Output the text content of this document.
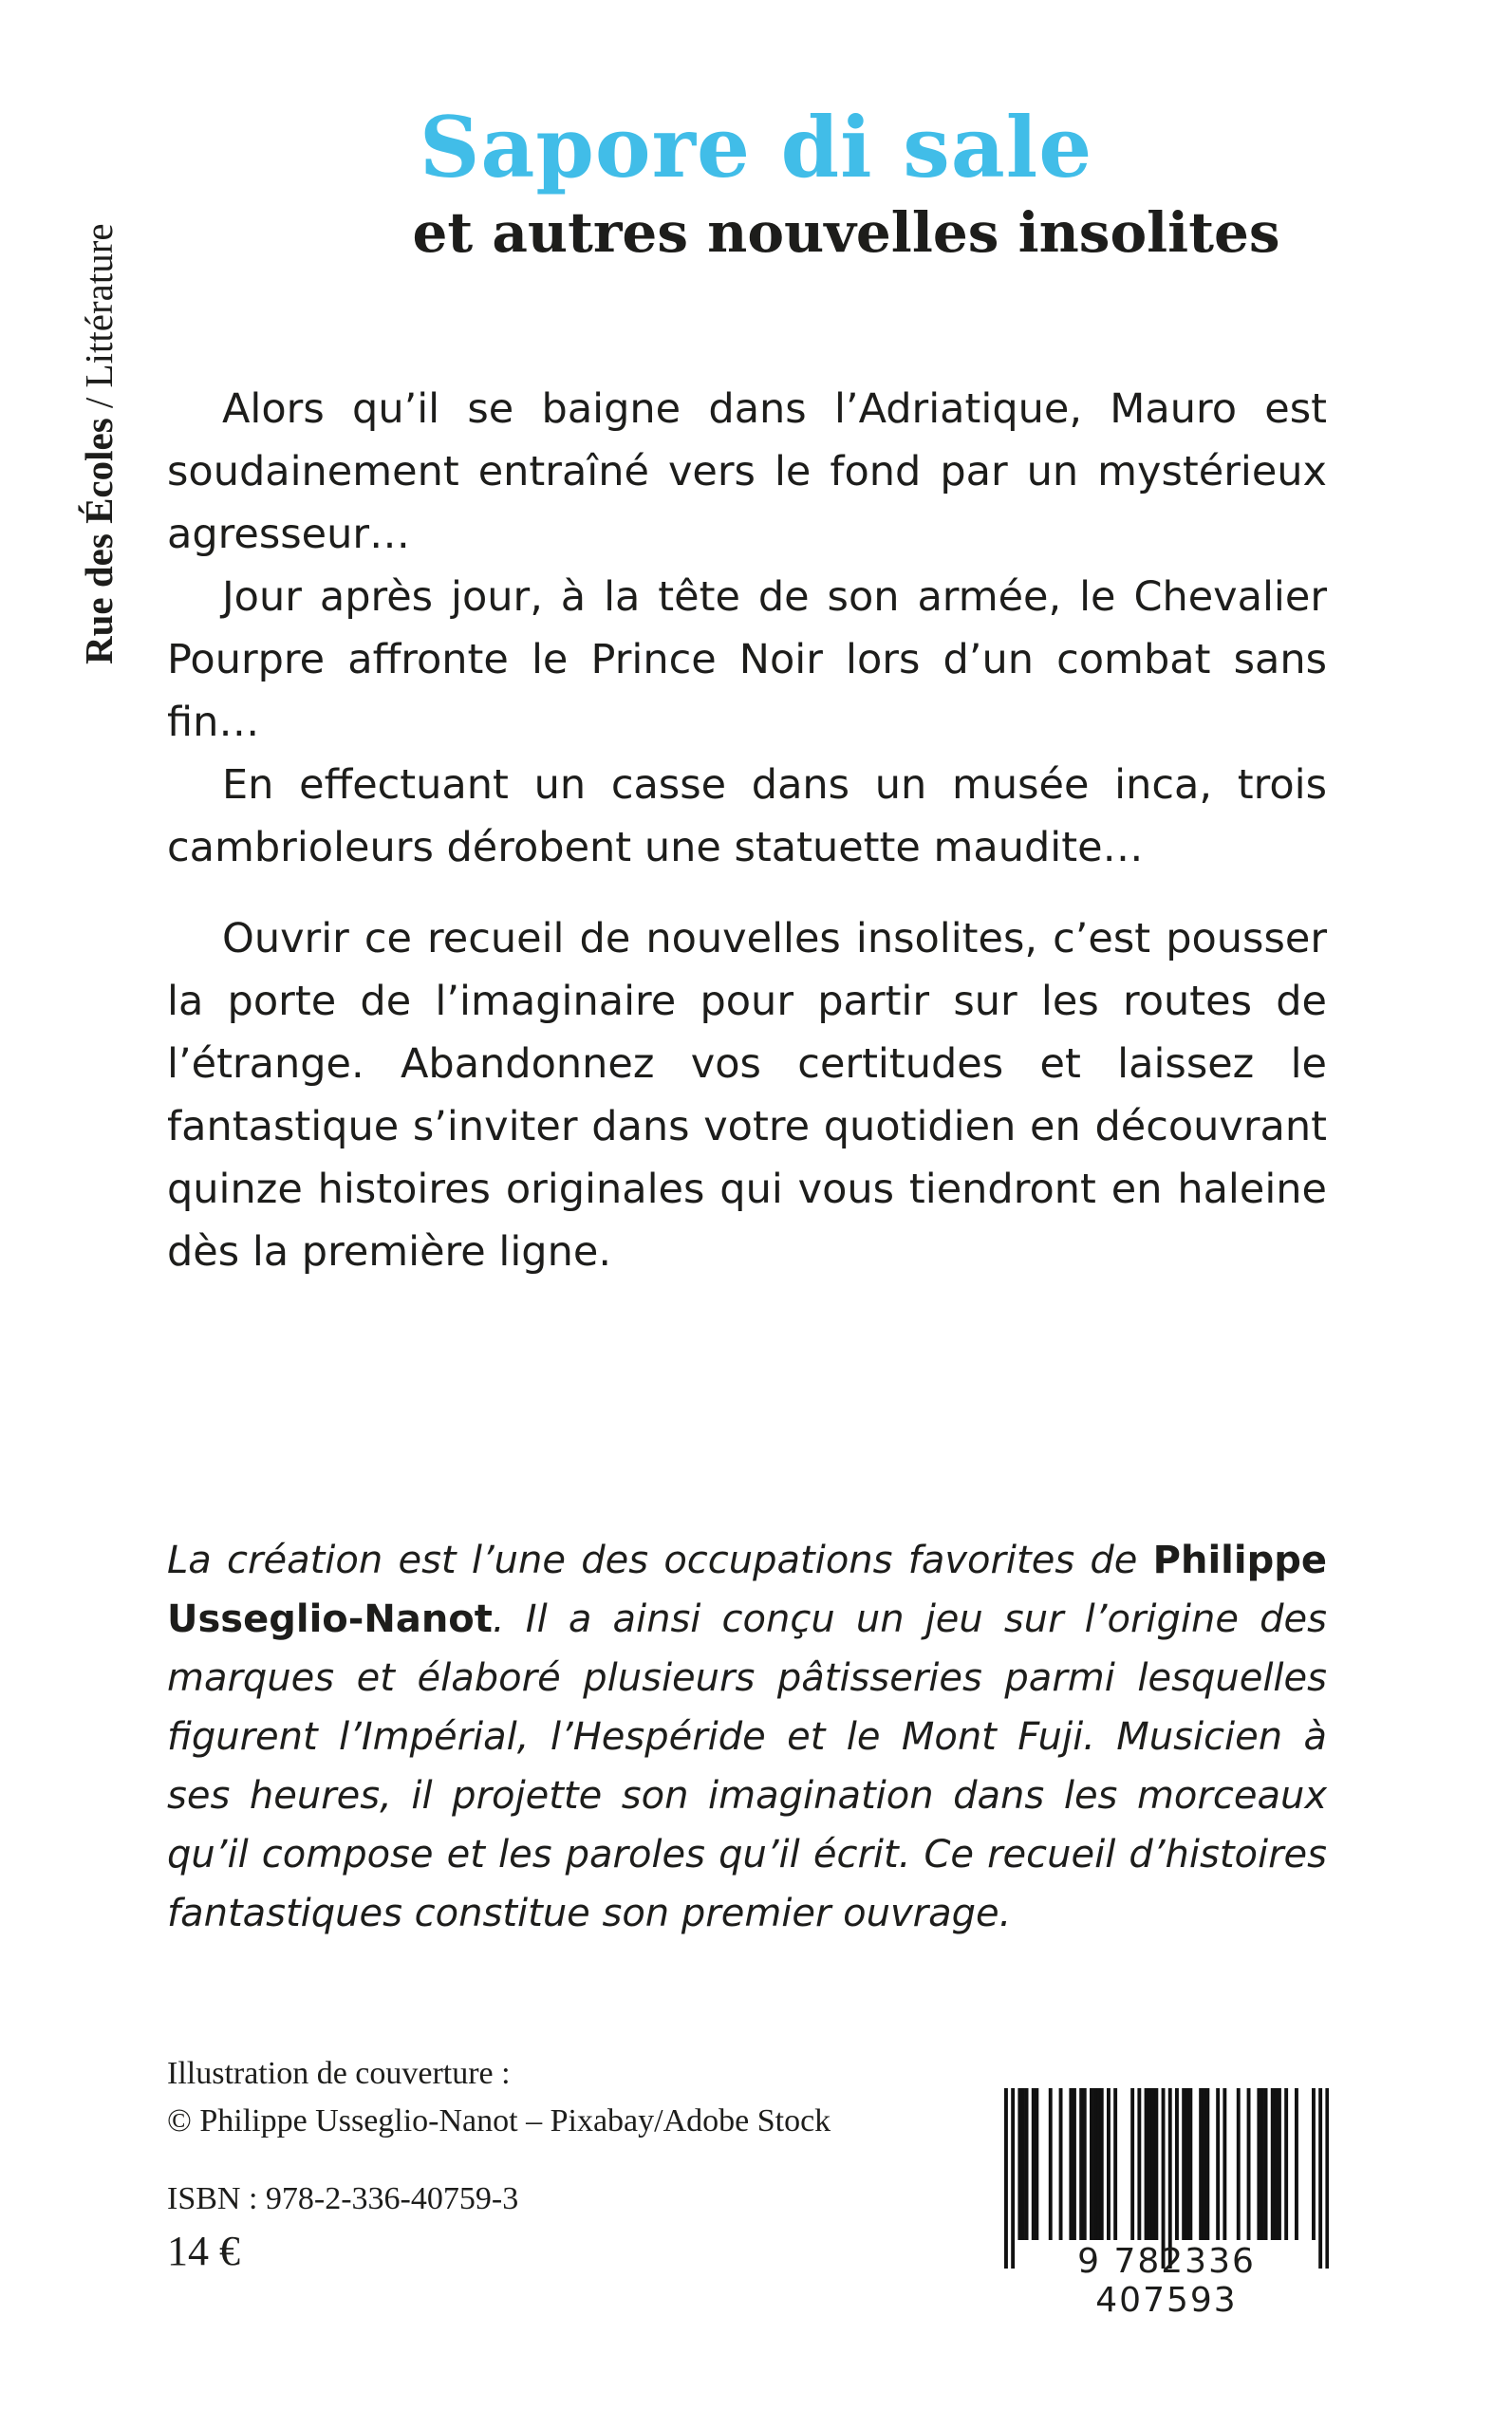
Rue des Écoles / Littérature
Sapore di sale
et autres nouvelles insolites

Alors qu’il se baigne dans l’Adriatique, Mauro est soudainement entraîné vers le fond par un mystérieux agresseur…

Jour après jour, à la tête de son armée, le Chevalier Pourpre affronte le Prince Noir lors d’un combat sans fin…

En effectuant un casse dans un musée inca, trois cambrioleurs dérobent une statuette maudite…

Ouvrir ce recueil de nouvelles insolites, c’est pousser la porte de l’imaginaire pour partir sur les routes de l’étrange. Abandonnez vos certitudes et laissez le fantastique s’inviter dans votre quotidien en découvrant quinze histoires originales qui vous tiendront en haleine dès la première ligne.

La création est l’une des occupations favorites de Philippe Usseglio-Nanot. Il a ainsi conçu un jeu sur l’origine des marques et élaboré plusieurs pâtisseries parmi lesquelles figurent l’Impérial, l’Hespéride et le Mont Fuji. Musicien à ses heures, il projette son imagination dans les morceaux qu’il compose et les paroles qu’il écrit. Ce recueil d’histoires fantastiques constitue son premier ouvrage.

Illustration de couverture :
© Philippe Usseglio-Nanot – Pixabay/Adobe Stock
ISBN : 978-2-336-40759-3
14 €	9 782336 407593
